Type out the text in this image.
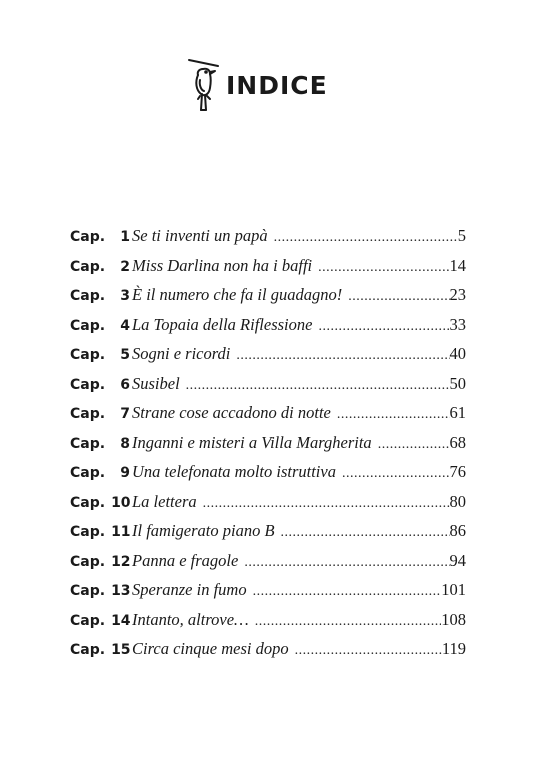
INDICE
Cap. 1 Se ti inventi un papà .....	5
Cap. 2 Miss Darlina non ha i baffi .....	14
Cap. 3 È il numero che fa il guadagno! .....	23
Cap. 4 La Topaia della Riflessione .....	33
Cap. 5 Sogni e ricordi .....	40
Cap. 6 Susibel .....	50
Cap. 7 Strane cose accadono di notte .....	61
Cap. 8 Inganni e misteri a Villa Margherita .....	68
Cap. 9 Una telefonata molto istruttiva .....	76
Cap. 10 La lettera .....	80
Cap. 11 Il famigerato piano B .....	86
Cap. 12 Panna e fragole .....	94
Cap. 13 Speranze in fumo .....	101
Cap. 14 Intanto, altrove… .....	108
Cap. 15 Circa cinque mesi dopo .....	119
